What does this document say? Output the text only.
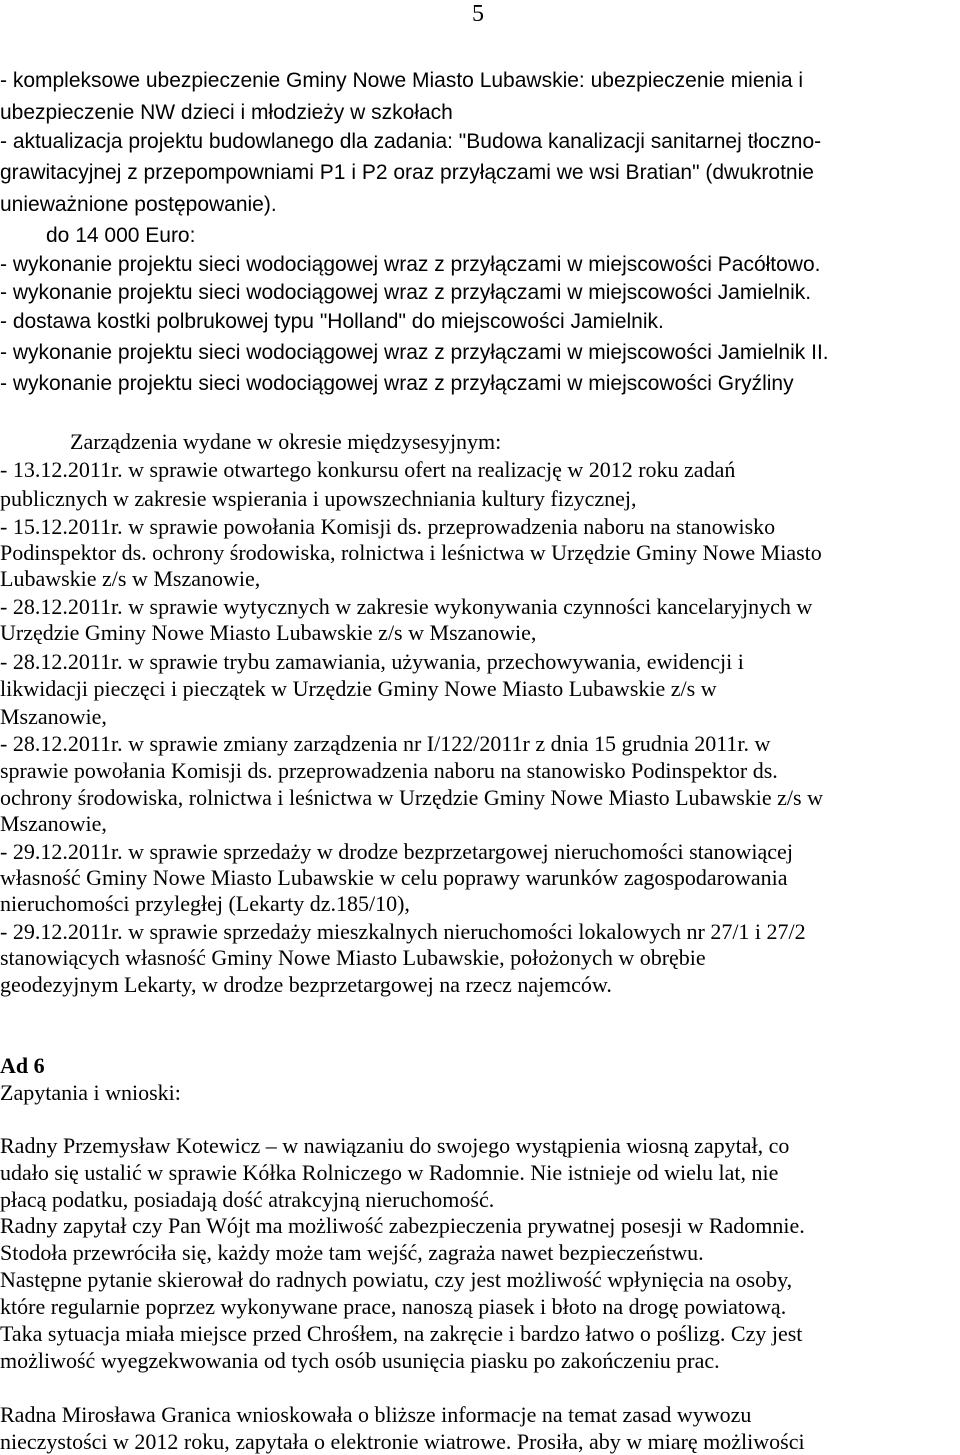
5
- kompleksowe ubezpieczenie Gminy Nowe Miasto Lubawskie: ubezpieczenie mienia i
ubezpieczenie NW dzieci i młodzieży w szkołach
- aktualizacja projektu budowlanego dla zadania: "Budowa kanalizacji sanitarnej tłoczno-
grawitacyjnej z przepompowniami P1 i P2 oraz przyłączami we wsi Bratian" (dwukrotnie
unieważnione postępowanie).
do 14 000 Euro:
- wykonanie projektu sieci wodociągowej wraz z przyłączami w miejscowości Pacółtowo.
- wykonanie projektu sieci wodociągowej wraz z przyłączami w miejscowości Jamielnik.
- dostawa kostki polbrukowej typu "Holland" do miejscowości Jamielnik.
- wykonanie projektu sieci wodociągowej wraz z przyłączami w miejscowości Jamielnik II.
- wykonanie projektu sieci wodociągowej wraz z przyłączami w miejscowości Gryźliny
Zarządzenia wydane w okresie międzysesyjnym:
- 13.12.2011r. w sprawie otwartego konkursu ofert na realizację w 2012 roku zadań
publicznych w zakresie wspierania i upowszechniania kultury fizycznej,
- 15.12.2011r. w sprawie powołania Komisji ds. przeprowadzenia naboru na stanowisko
Podinspektor ds. ochrony środowiska, rolnictwa i leśnictwa w Urzędzie Gminy Nowe Miasto
Lubawskie z/s w Mszanowie,
- 28.12.2011r. w sprawie wytycznych w zakresie wykonywania czynności kancelaryjnych w
Urzędzie Gminy Nowe Miasto Lubawskie z/s w Mszanowie,
- 28.12.2011r. w sprawie trybu zamawiania, używania, przechowywania, ewidencji i
likwidacji pieczęci i pieczątek w Urzędzie Gminy Nowe Miasto Lubawskie z/s w
Mszanowie,
- 28.12.2011r. w sprawie zmiany zarządzenia nr I/122/2011r z dnia 15 grudnia 2011r. w
sprawie powołania Komisji ds. przeprowadzenia naboru na stanowisko Podinspektor ds.
ochrony środowiska, rolnictwa i leśnictwa w Urzędzie Gminy Nowe Miasto Lubawskie z/s w
Mszanowie,
- 29.12.2011r. w sprawie sprzedaży w drodze bezprzetargowej nieruchomości stanowiącej
własność Gminy Nowe Miasto Lubawskie w celu poprawy warunków zagospodarowania
nieruchomości przyległej (Lekarty dz.185/10),
- 29.12.2011r. w sprawie sprzedaży mieszkalnych nieruchomości lokalowych nr 27/1 i 27/2
stanowiących własność Gminy Nowe Miasto Lubawskie, położonych w obrębie
geodezyjnym Lekarty, w drodze bezprzetargowej na rzecz najemców.
Ad 6
Zapytania i wnioski:
Radny Przemysław Kotewicz – w nawiązaniu do swojego wystąpienia wiosną zapytał, co
udało się ustalić w sprawie Kółka Rolniczego w Radomnie. Nie istnieje od wielu lat, nie
płacą podatku, posiadają dość atrakcyjną nieruchomość.
Radny zapytał czy Pan Wójt ma możliwość zabezpieczenia prywatnej posesji w Radomnie.
Stodoła przewróciła się, każdy może tam wejść, zagraża nawet bezpieczeństwu.
Następne pytanie skierował do radnych powiatu, czy jest możliwość wpłynięcia na osoby,
które regularnie poprzez wykonywane prace, nanoszą piasek i błoto na drogę powiatową.
Taka sytuacja miała miejsce przed Chrośłem, na zakręcie i bardzo łatwo o poślizg. Czy jest
możliwość wyegzekwowania od tych osób usunięcia piasku po zakończeniu prac.
Radna Mirosława Granica wnioskowała o bliższe informacje na temat zasad wywozu
nieczystości w 2012 roku, zapytała o elektronie wiatrowe. Prosiła, aby w miarę możliwości
